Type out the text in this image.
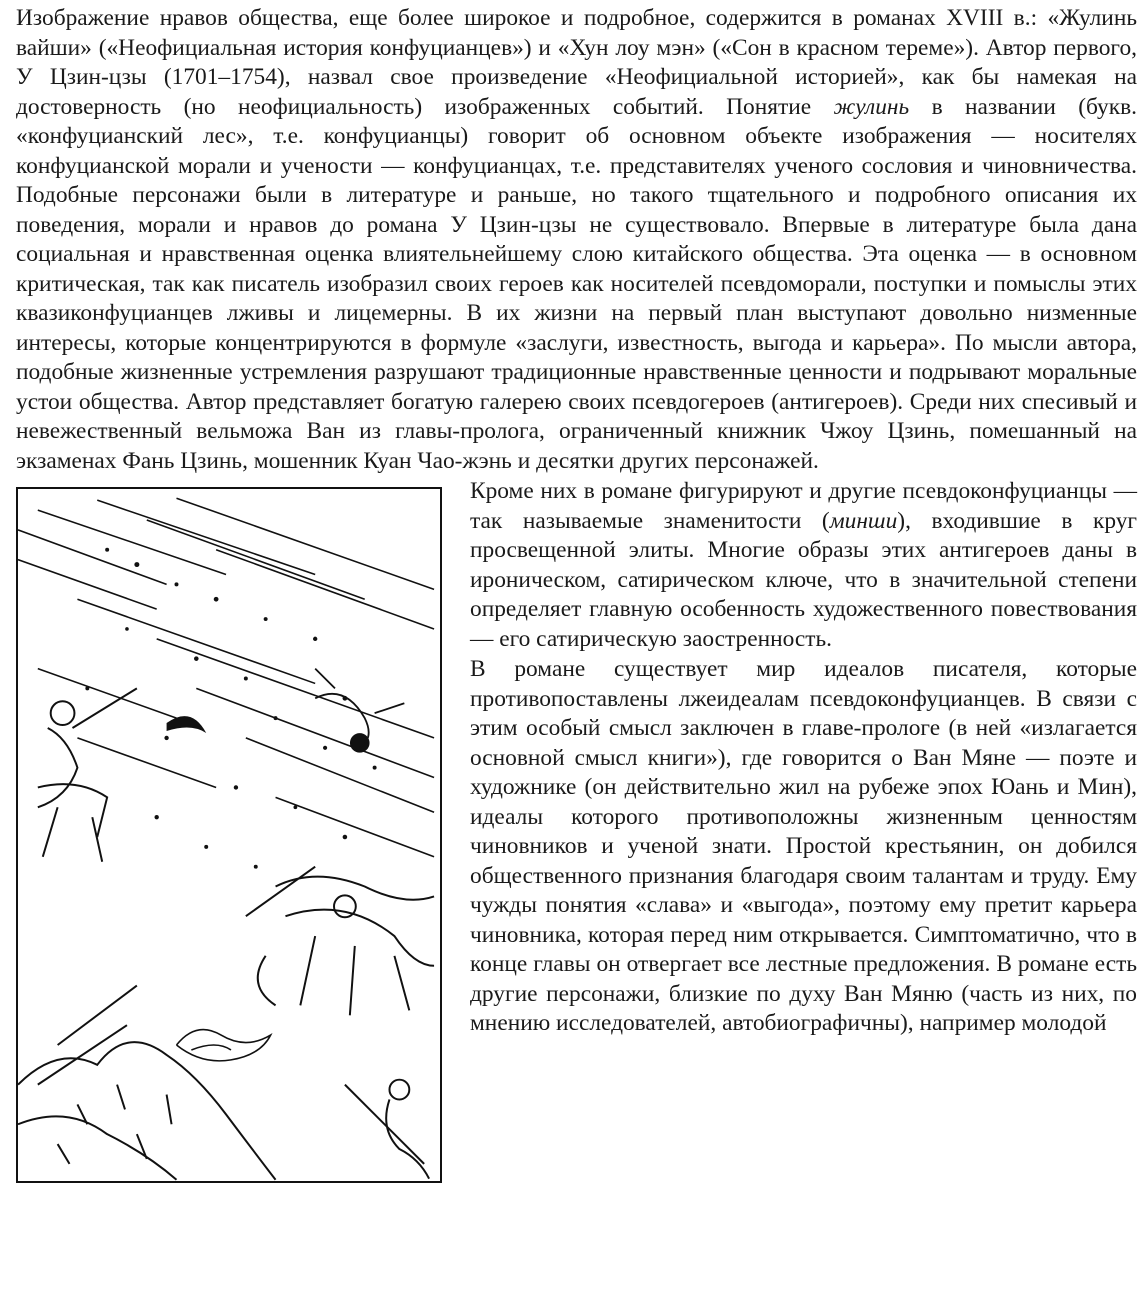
Изображение нравов общества, еще более широкое и подробное, содержится в романах XVIII в.: «Жулинь вайши» («Неофициальная история конфуцианцев») и «Хун лоу мэн» («Сон в красном тереме»). Автор первого, У Цзин-цзы (1701–1754), назвал свое произведение «Неофициальной историей», как бы намекая на достоверность (но неофициальность) изображенных событий. Понятие жулинь в названии (букв. «конфуцианский лес», т.е. конфуцианцы) говорит об основном объекте изображения — носителях конфуцианской морали и учености — конфуцианцах, т.е. представителях ученого сословия и чиновничества. Подобные персонажи были в литературе и раньше, но такого тщательного и подробного описания их поведения, морали и нравов до романа У Цзин-цзы не существовало. Впервые в литературе была дана социальная и нравственная оценка влиятельнейшему слою китайского общества. Эта оценка — в основном критическая, так как писатель изобразил своих героев как носителей псевдоморали, поступки и помыслы этих квазиконфуцианцев лживы и лицемерны. В их жизни на первый план выступают довольно низменные интересы, которые концентрируются в формуле «заслуги, известность, выгода и карьера». По мысли автора, подобные жизненные устремления разрушают традиционные нравственные ценности и подрывают моральные устои общества. Автор представляет богатую галерею своих псевдогероев (антигероев). Среди них спесивый и невежественный вельможа Ван из главы-пролога, ограниченный книжник Чжоу Цзинь, помешанный на экзаменах Фань Цзинь, мошенник Куан Чао-жэнь и десятки других персонажей.

Кроме них в романе фигурируют и другие псевдоконфуцианцы — так называемые знаменитости (минши), входившие в круг просвещенной элиты. Многие образы этих антигероев даны в ироническом, сатирическом ключе, что в значительной степени определяет главную особенность художественного повествования — его сатирическую заостренность.

В романе существует мир идеалов писателя, которые противопоставлены лжеидеалам псевдоконфуцианцев. В связи с этим особый смысл заключен в главе-прологе (в ней «излагается основной смысл книги»), где говорится о Ван Мяне — поэте и художнике (он действительно жил на рубеже эпох Юань и Мин), идеалы которого противоположны жизненным ценностям чиновников и ученой знати. Простой крестьянин, он добился общественного признания благодаря своим талантам и труду. Ему чужды понятия «слава» и «выгода», поэтому ему претит карьера чиновника, которая перед ним открывается. Симптоматично, что в конце главы он отвергает все лестные предложения. В романе есть другие персонажи, близкие по духу Ван Мяню (часть из них, по мнению исследователей, автобиографичны), например молодой
